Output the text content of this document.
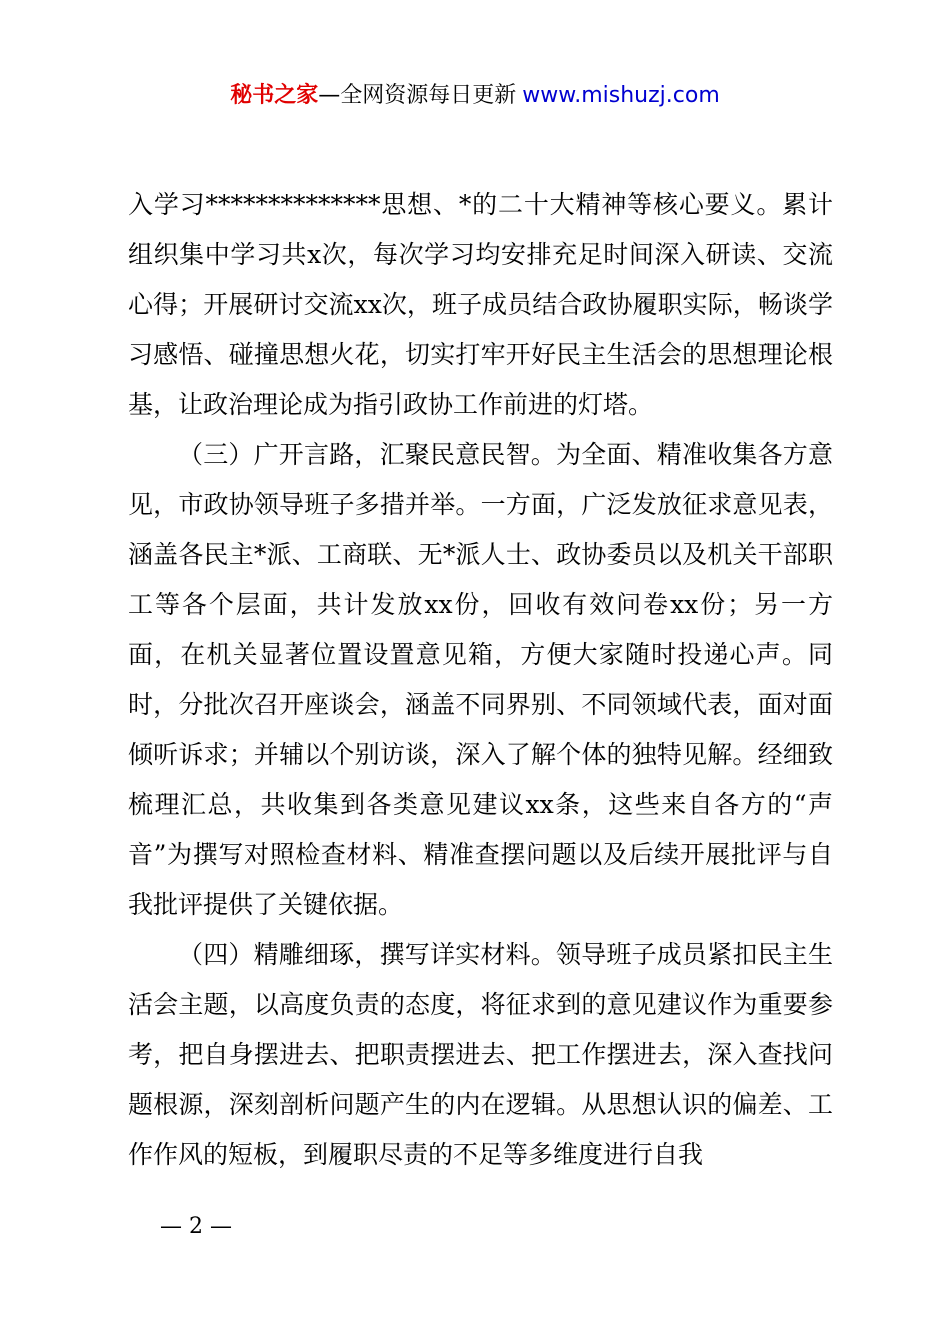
秘书之家—全网资源每日更新 www.mishuzj.com

入学习**************思想、*的二十大精神等核心要义。累计组织集中学习共x次，每次学习均安排充足时间深入研读、交流心得；开展研讨交流xx次，班子成员结合政协履职实际，畅谈学习感悟、碰撞思想火花，切实打牢开好民主生活会的思想理论根基，让政治理论成为指引政协工作前进的灯塔。

（三）广开言路，汇聚民意民智。为全面、精准收集各方意见，市政协领导班子多措并举。一方面，广泛发放征求意见表，涵盖各民主*派、工商联、无*派人士、政协委员以及机关干部职工等各个层面，共计发放xx份，回收有效问卷xx份；另一方面，在机关显著位置设置意见箱，方便大家随时投递心声。同时，分批次召开座谈会，涵盖不同界别、不同领域代表，面对面倾听诉求；并辅以个别访谈，深入了解个体的独特见解。经细致梳理汇总，共收集到各类意见建议xx条，这些来自各方的“声音”为撰写对照检查材料、精准查摆问题以及后续开展批评与自我批评提供了关键依据。

（四）精雕细琢，撰写详实材料。领导班子成员紧扣民主生活会主题，以高度负责的态度，将征求到的意见建议作为重要参考，把自身摆进去、把职责摆进去、把工作摆进去，深入查找问题根源，深刻剖析问题产生的内在逻辑。从思想认识的偏差、工作作风的短板，到履职尽责的不足等多维度进行自我

— 2 —
